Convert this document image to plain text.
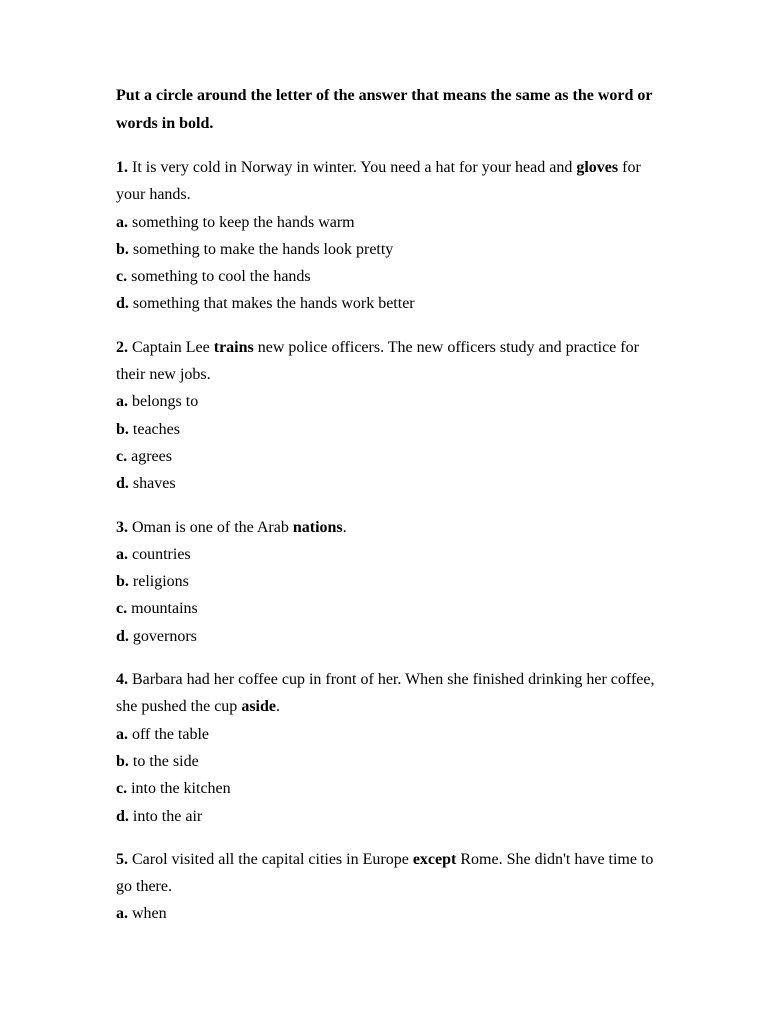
Put a circle around the letter of the answer that means the same as the word or words in bold.

1. It is very cold in Norway in winter. You need a hat for your head and gloves for your hands.

a. something to keep the hands warm

b. something to make the hands look pretty

c. something to cool the hands

d. something that makes the hands work better

2. Captain Lee trains new police officers. The new officers study and practice for their new jobs.

a. belongs to

b. teaches

c. agrees

d. shaves

3. Oman is one of the Arab nations.

a. countries

b. religions

c. mountains

d. governors

4. Barbara had her coffee cup in front of her. When she finished drinking her coffee, she pushed the cup aside.

a. off the table

b. to the side

c. into the kitchen

d. into the air

5. Carol visited all the capital cities in Europe except Rome. She didn't have time to go there.

a. when
